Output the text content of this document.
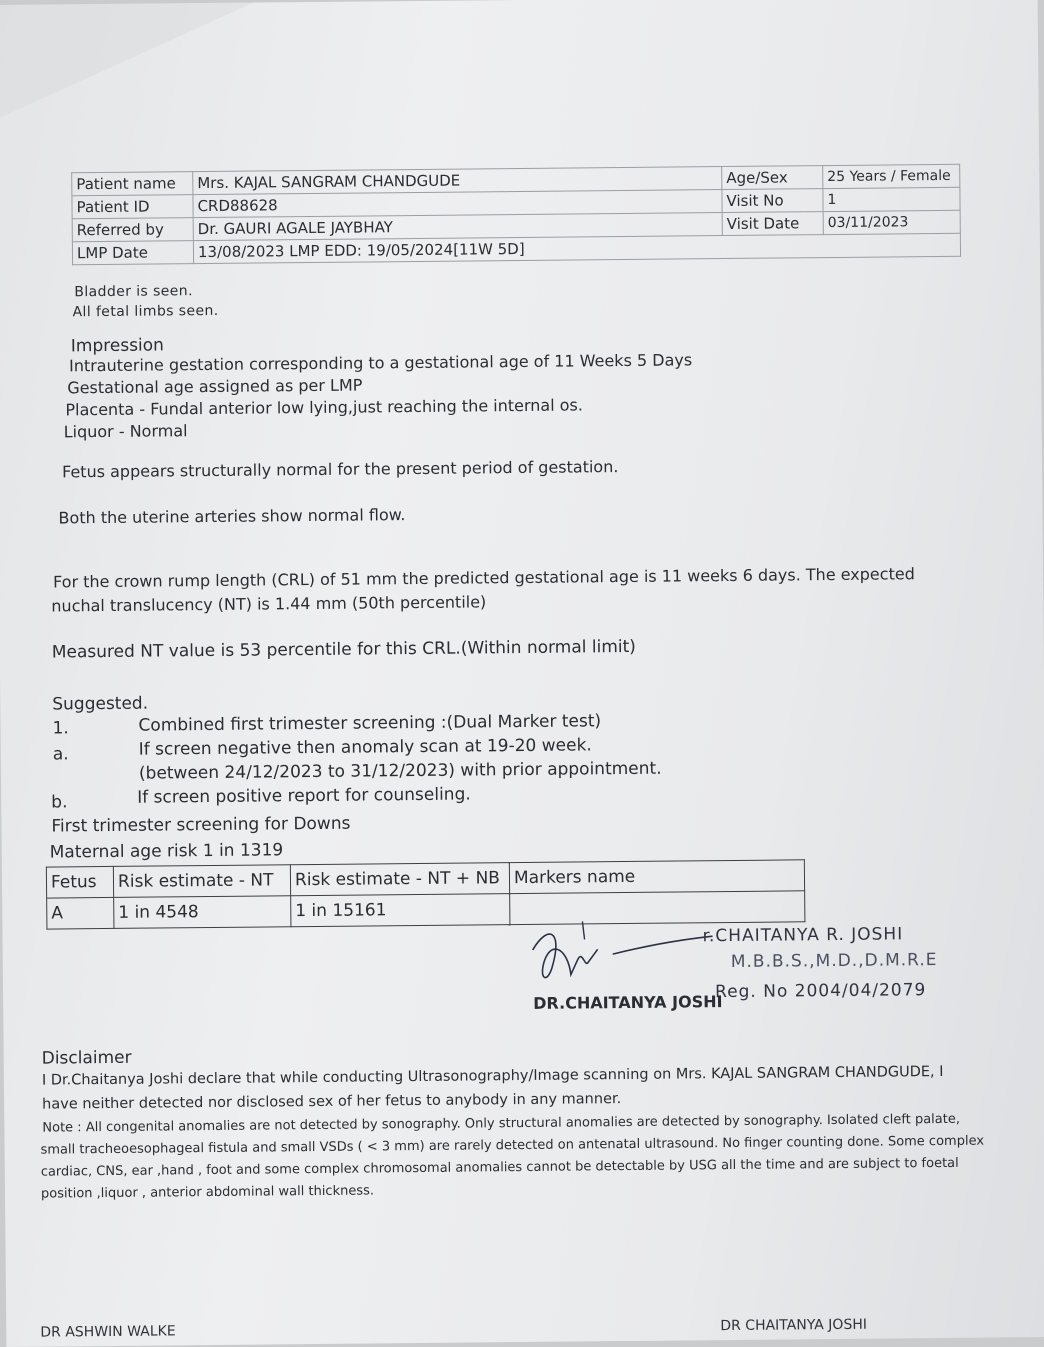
Patient name	Mrs. KAJAL SANGRAM CHANDGUDE	Age/Sex	25 Years / Female
Patient ID	CRD88628	Visit No	1
Referred by	Dr. GAURI AGALE JAYBHAY	Visit Date	03/11/2023
LMP Date	13/08/2023 LMP EDD: 19/05/2024[11W 5D]		
Bladder is seen.
All fetal limbs seen.
Impression
Intrauterine gestation corresponding to a gestational age of 11 Weeks 5 Days
Gestational age assigned as per LMP
Placenta - Fundal anterior low lying,just reaching the internal os.
Liquor - Normal
Fetus appears structurally normal for the present period of gestation.
Both the uterine arteries show normal flow.
For the crown rump length (CRL) of 51 mm the predicted gestational age is 11 weeks 6 days. The expected
nuchal translucency (NT) is 1.44 mm (50th percentile)
Measured NT value is 53 percentile for this CRL.(Within normal limit)
Suggested.
1.	Combined first trimester screening :(Dual Marker test)
a.	If screen negative then anomaly scan at 19-20 week.
(between 24/12/2023 to 31/12/2023) with prior appointment.
b.	If screen positive report for counseling.
First trimester screening for Downs
Maternal age risk 1 in 1319
Fetus	Risk estimate - NT	Risk estimate - NT + NB	Markers name
A	1 in 4548	1 in 15161	
r.CHAITANYA R. JOSHI
M.B.B.S.,M.D.,D.M.R.E
DR.CHAITANYA JOSHI
Reg. No 2004/04/2079
Disclaimer
I Dr.Chaitanya Joshi declare that while conducting Ultrasonography/Image scanning on Mrs. KAJAL SANGRAM CHANDGUDE, I
have neither detected nor disclosed sex of her fetus to anybody in any manner.
Note : All congenital anomalies are not detected by sonography. Only structural anomalies are detected by sonography. Isolated cleft palate,
small tracheoesophageal fistula and small VSDs ( < 3 mm) are rarely detected on antenatal ultrasound. No finger counting done. Some complex
cardiac, CNS, ear ,hand , foot and some complex chromosomal anomalies cannot be detectable by USG all the time and are subject to foetal
position ,liquor , anterior abdominal wall thickness.
DR ASHWIN WALKE	DR CHAITANYA JOSHI
